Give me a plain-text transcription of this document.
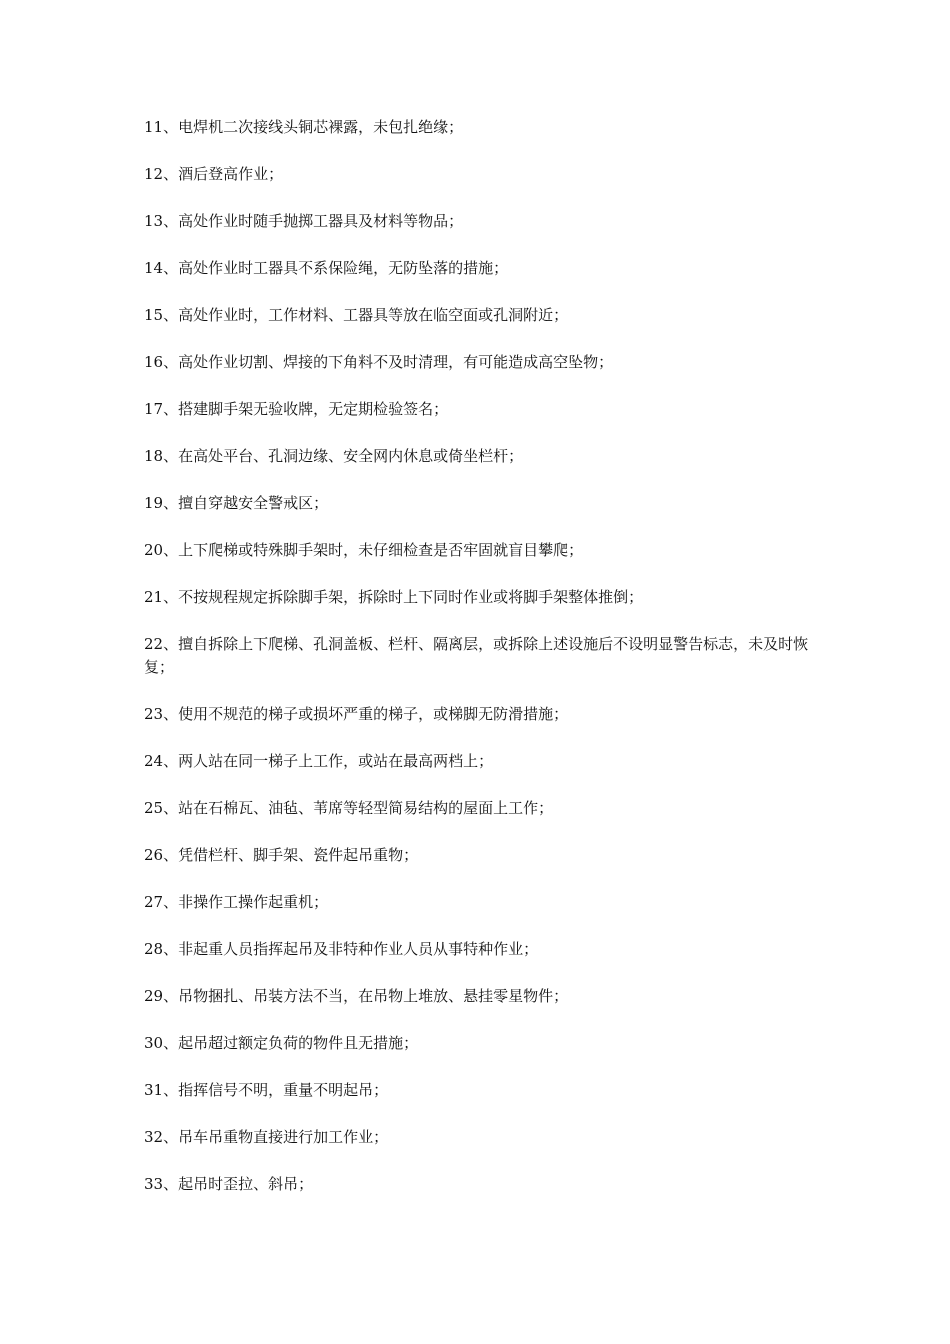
11、电焊机二次接线头铜芯裸露，未包扎绝缘；

12、酒后登高作业；

13、高处作业时随手抛掷工器具及材料等物品；

14、高处作业时工器具不系保险绳，无防坠落的措施；

15、高处作业时，工作材料、工器具等放在临空面或孔洞附近；

16、高处作业切割、焊接的下角料不及时清理，有可能造成高空坠物；

17、搭建脚手架无验收牌，无定期检验签名；

18、在高处平台、孔洞边缘、安全网内休息或倚坐栏杆；

19、擅自穿越安全警戒区；

20、上下爬梯或特殊脚手架时，未仔细检查是否牢固就盲目攀爬；

21、不按规程规定拆除脚手架，拆除时上下同时作业或将脚手架整体推倒；

22、擅自拆除上下爬梯、孔洞盖板、栏杆、隔离层，或拆除上述设施后不设明显警告标志，未及时恢复；

23、使用不规范的梯子或损坏严重的梯子，或梯脚无防滑措施；

24、两人站在同一梯子上工作，或站在最高两档上；

25、站在石棉瓦、油毡、苇席等轻型简易结构的屋面上工作；

26、凭借栏杆、脚手架、瓷件起吊重物；

27、非操作工操作起重机；

28、非起重人员指挥起吊及非特种作业人员从事特种作业；

29、吊物捆扎、吊装方法不当，在吊物上堆放、悬挂零星物件；

30、起吊超过额定负荷的物件且无措施；

31、指挥信号不明，重量不明起吊；

32、吊车吊重物直接进行加工作业；

33、起吊时歪拉、斜吊；
